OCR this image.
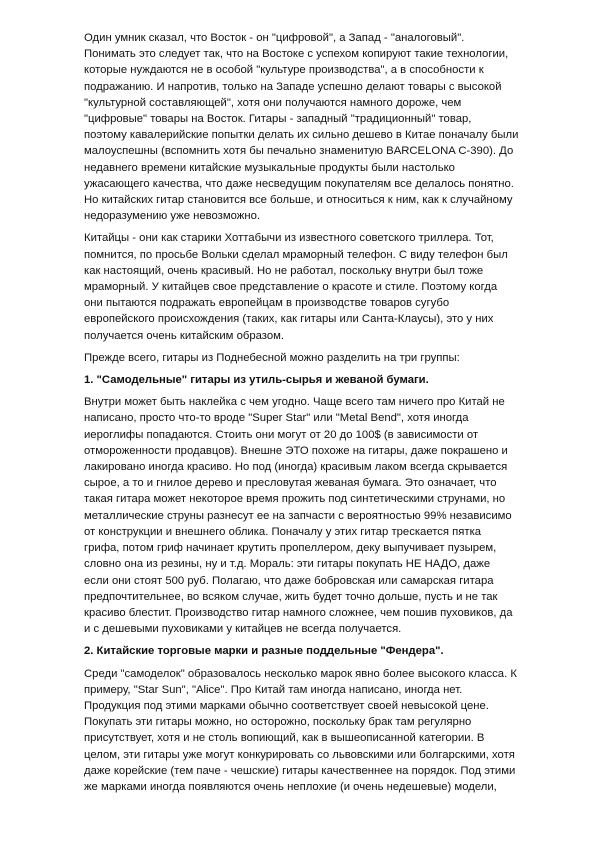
Один умник сказал, что Восток - он "цифровой", а Запад - "аналоговый".
Понимать это следует так, что на Востоке с успехом копируют такие технологии,
которые нуждаются не в особой "культуре производства", а в способности к
подражанию. И напротив, только на Западе успешно делают товары с высокой
"культурной составляющей", хотя они получаются намного дороже, чем
"цифровые" товары на Восток. Гитары - западный "традиционный" товар,
поэтому кавалерийские попытки делать их сильно дешево в Китае поначалу были
малоуспешны (вспомнить хотя бы печально знаменитую BARCELONA C-390). До
недавнего времени китайские музыкальные продукты были настолько
ужасающего качества, что даже несведущим покупателям все делалось понятно.
Но китайских гитар становится все больше, и относиться к ним, как к случайному
недоразумению уже невозможно.
Китайцы - они как старики Хоттабычи из известного советского триллера. Тот,
помнится, по просьбе Вольки сделал мраморный телефон. С виду телефон был
как настоящий, очень красивый. Но не работал, поскольку внутри был тоже
мраморный. У китайцев свое представление о красоте и стиле. Поэтому когда
они пытаются подражать европейцам в производстве товаров сугубо
европейского происхождения (таких, как гитары или Санта-Клаусы), это у них
получается очень китайским образом.
Прежде всего, гитары из Поднебесной можно разделить на три группы:
1. "Самодельные" гитары из утиль-сырья и жеваной бумаги.
Внутри может быть наклейка с чем угодно. Чаще всего там ничего про Китай не
написано, просто что-то вроде "Super Star" или "Metal Bend", хотя иногда
иероглифы попадаются. Стоить они могут от 20 до 100$ (в зависимости от
отмороженности продавцов). Внешне ЭТО похоже на гитары, даже покрашено и
лакировано иногда красиво. Но под (иногда) красивым лаком всегда скрывается
сырое, а то и гнилое дерево и пресловутая жеваная бумага. Это означает, что
такая гитара может некоторое время прожить под синтетическими струнами, но
металлические струны разнесут ее на запчасти с вероятностью 99% независимо
от конструкции и внешнего облика. Поначалу у этих гитар трескается пятка
грифа, потом гриф начинает крутить пропеллером, деку выпучивает пузырем,
словно она из резины, ну и т.д. Мораль: эти гитары покупать НЕ НАДО, даже
если они стоят 500 руб. Полагаю, что даже бобровская или самарская гитара
предпочтительнее, во всяком случае, жить будет точно дольше, пусть и не так
красиво блестит. Производство гитар намного сложнее, чем пошив пуховиков, да
и с дешевыми пуховиками у китайцев не всегда получается.
2. Китайские торговые марки и разные поддельные "Фендера".
Среди "самоделок" образовалось несколько марок явно более высокого класса. К
примеру, "Star Sun", "Alice". Про Китай там иногда написано, иногда нет.
Продукция под этими марками обычно соответствует своей невысокой цене.
Покупать эти гитары можно, но осторожно, поскольку брак там регулярно
присутствует, хотя и не столь вопиющий, как в вышеописанной категории. В
целом, эти гитары уже могут конкурировать со львовскими или болгарскими, хотя
даже корейские (тем паче - чешские) гитары качественнее на порядок. Под этими
же марками иногда появляются очень неплохие (и очень недешевые) модели,
